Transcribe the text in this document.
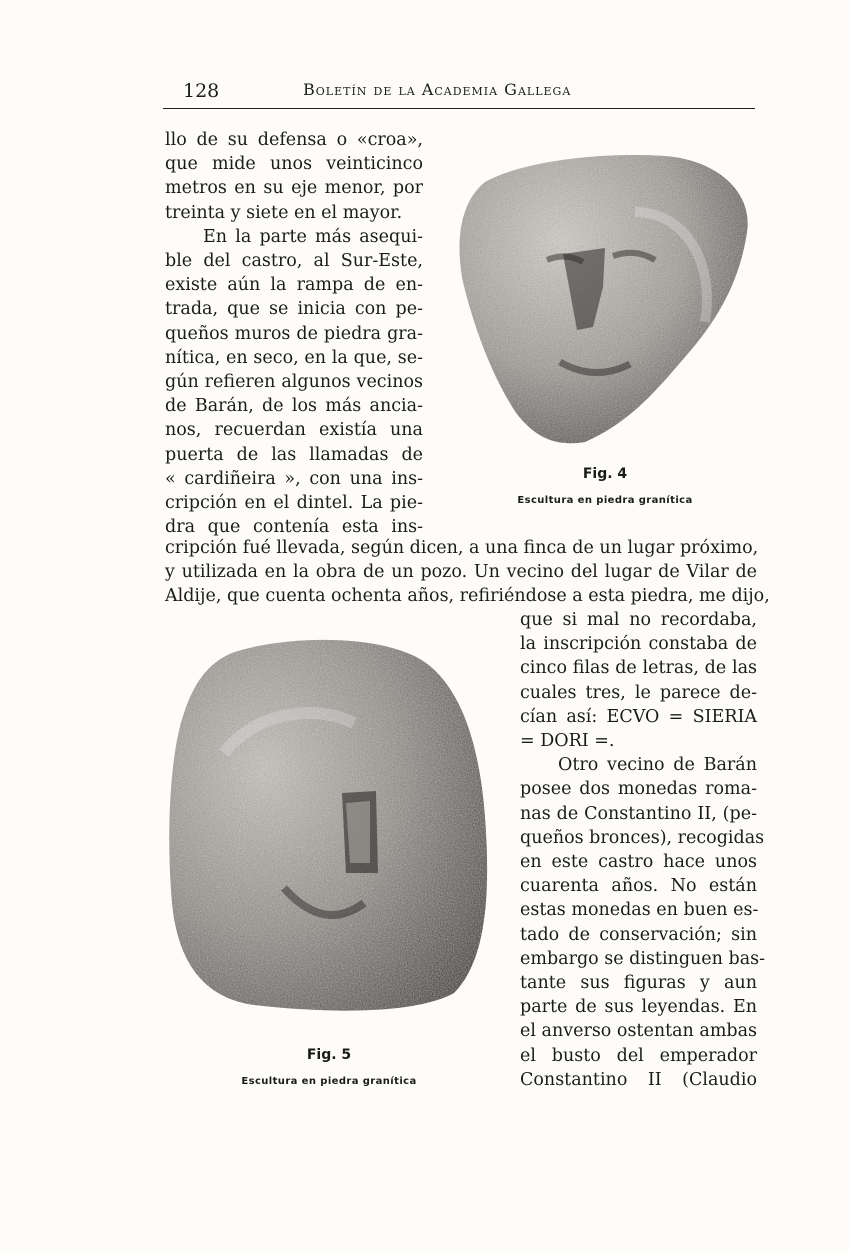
128	Boletín de la Academia Gallega
llo de su defensa o «croa»,
que mide unos veinticinco
metros en su eje menor, por
treinta y siete en el mayor.
En la parte más asequi-
ble del castro, al Sur-Este,
existe aún la rampa de en-
trada, que se inicia con pe-
queños muros de piedra gra-
nítica, en seco, en la que, se-
gún refieren algunos vecinos
de Barán, de los más ancia-
nos, recuerdan existía una
puerta de las llamadas de
« cardiñeira », con una ins-
cripción en el dintel. La pie-
dra que contenía esta ins-
cripción fué llevada, según dicen, a una finca de un lugar próximo,
y utilizada en la obra de un pozo. Un vecino del lugar de Vilar de
Aldije, que cuenta ochenta años, refiriéndose a esta piedra, me dijo,
que si mal no recordaba,
la inscripción constaba de
cinco filas de letras, de las
cuales tres, le parece de-
cían así: ECVO = SIERIA
= DORI =.
Otro vecino de Barán
posee dos monedas roma-
nas de Constantino II, (pe-
queños bronces), recogidas
en este castro hace unos
cuarenta años. No están
estas monedas en buen es-
tado de conservación; sin
embargo se distinguen bas-
tante sus figuras y aun
parte de sus leyendas. En
el anverso ostentan ambas
el busto del emperador
Constantino II (Claudio
Fig. 4
Escultura en piedra granítica
Fig. 5
Escultura en piedra granítica
